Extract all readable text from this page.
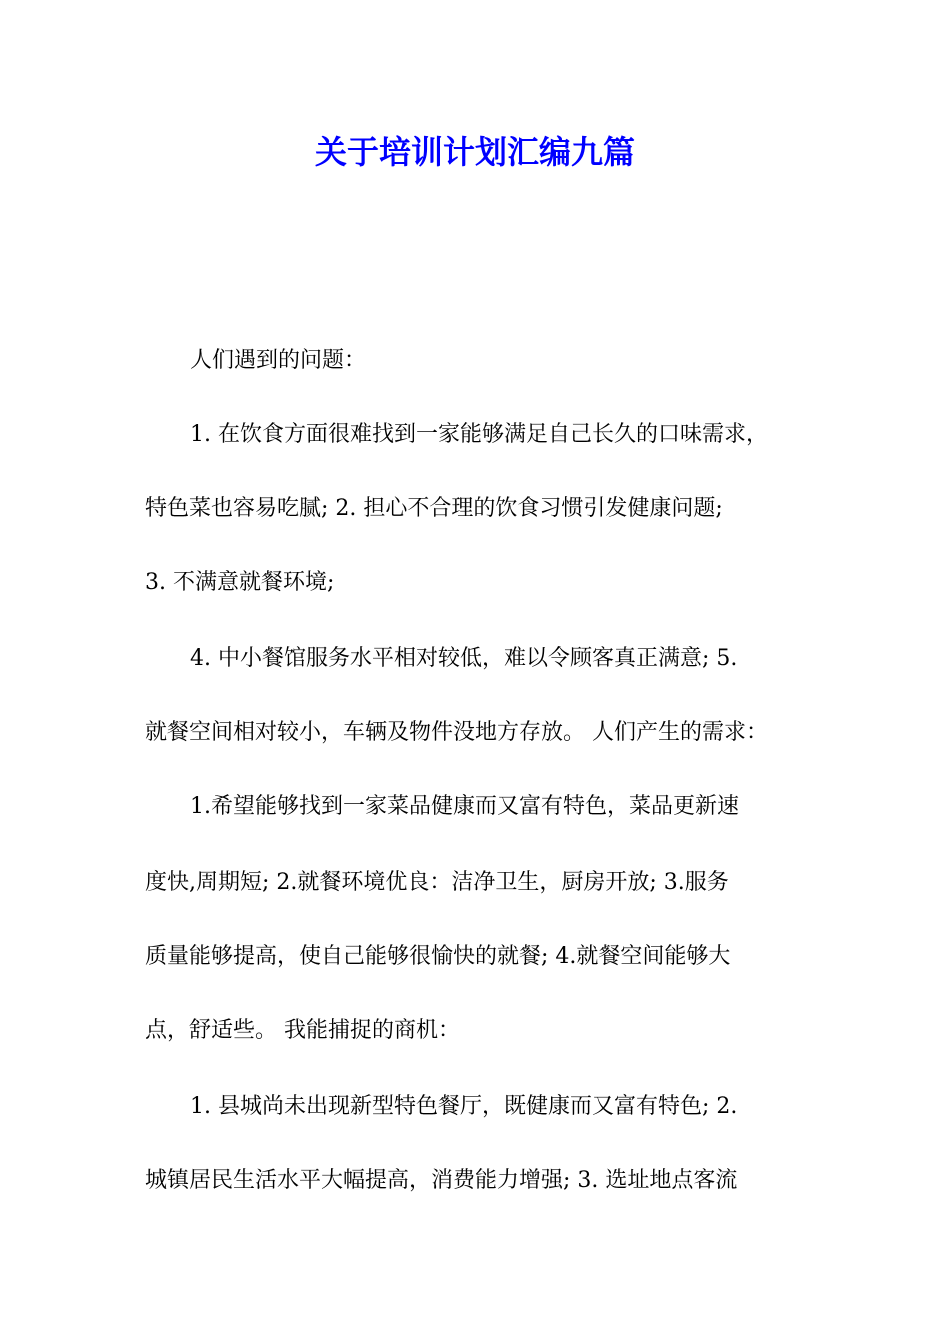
关于培训计划汇编九篇

人们遇到的问题：

1. 在饮食方面很难找到一家能够满足自己长久的口味需求，

特色菜也容易吃腻; 2. 担心不合理的饮食习惯引发健康问题;

3. 不满意就餐环境;

4. 中小餐馆服务水平相对较低，难以令顾客真正满意; 5.

就餐空间相对较小，车辆及物件没地方存放。 人们产生的需求：

1.希望能够找到一家菜品健康而又富有特色，菜品更新速

度快,周期短; 2.就餐环境优良：洁净卫生，厨房开放; 3.服务

质量能够提高，使自己能够很愉快的就餐; 4.就餐空间能够大

点，舒适些。 我能捕捉的商机：

1. 县城尚未出现新型特色餐厅，既健康而又富有特色; 2.

城镇居民生活水平大幅提高，消费能力增强; 3. 选址地点客流
